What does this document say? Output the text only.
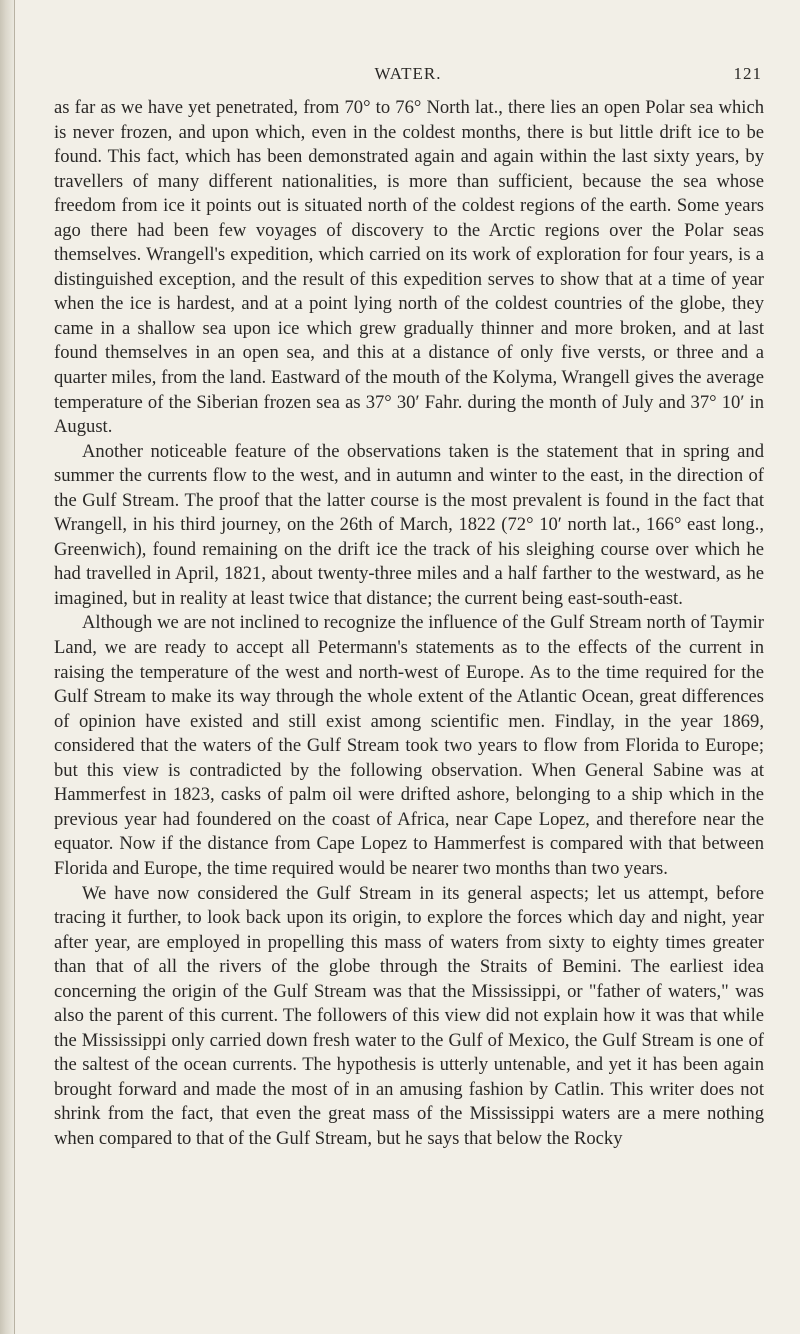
WATER.	121

as far as we have yet penetrated, from 70° to 76° North lat., there lies an open Polar sea which is never frozen, and upon which, even in the coldest months, there is but little drift ice to be found. This fact, which has been demonstrated again and again within the last sixty years, by travellers of many different nationalities, is more than sufficient, because the sea whose freedom from ice it points out is situated north of the coldest regions of the earth. Some years ago there had been few voyages of discovery to the Arctic regions over the Polar seas themselves. Wrangell's expedition, which carried on its work of exploration for four years, is a distinguished exception, and the result of this expedition serves to show that at a time of year when the ice is hardest, and at a point lying north of the coldest countries of the globe, they came in a shallow sea upon ice which grew gradually thinner and more broken, and at last found themselves in an open sea, and this at a distance of only five versts, or three and a quarter miles, from the land. Eastward of the mouth of the Kolyma, Wrangell gives the average temperature of the Siberian frozen sea as 37° 30′ Fahr. during the month of July and 37° 10′ in August.

Another noticeable feature of the observations taken is the statement that in spring and summer the currents flow to the west, and in autumn and winter to the east, in the direction of the Gulf Stream. The proof that the latter course is the most prevalent is found in the fact that Wrangell, in his third journey, on the 26th of March, 1822 (72° 10′ north lat., 166° east long., Greenwich), found remaining on the drift ice the track of his sleighing course over which he had travelled in April, 1821, about twenty-three miles and a half farther to the westward, as he imagined, but in reality at least twice that distance; the current being east-south-east.

Although we are not inclined to recognize the influence of the Gulf Stream north of Taymir Land, we are ready to accept all Petermann's statements as to the effects of the current in raising the temperature of the west and north-west of Europe. As to the time required for the Gulf Stream to make its way through the whole extent of the Atlantic Ocean, great differences of opinion have existed and still exist among scientific men. Findlay, in the year 1869, considered that the waters of the Gulf Stream took two years to flow from Florida to Europe; but this view is contradicted by the following observation. When General Sabine was at Hammerfest in 1823, casks of palm oil were drifted ashore, belonging to a ship which in the previous year had foundered on the coast of Africa, near Cape Lopez, and therefore near the equator. Now if the distance from Cape Lopez to Hammerfest is compared with that between Florida and Europe, the time required would be nearer two months than two years.

We have now considered the Gulf Stream in its general aspects; let us attempt, before tracing it further, to look back upon its origin, to explore the forces which day and night, year after year, are employed in propelling this mass of waters from sixty to eighty times greater than that of all the rivers of the globe through the Straits of Bemini. The earliest idea concerning the origin of the Gulf Stream was that the Mississippi, or "father of waters," was also the parent of this current. The followers of this view did not explain how it was that while the Mississippi only carried down fresh water to the Gulf of Mexico, the Gulf Stream is one of the saltest of the ocean currents. The hypothesis is utterly untenable, and yet it has been again brought forward and made the most of in an amusing fashion by Catlin. This writer does not shrink from the fact, that even the great mass of the Mississippi waters are a mere nothing when compared to that of the Gulf Stream, but he says that below the Rocky
